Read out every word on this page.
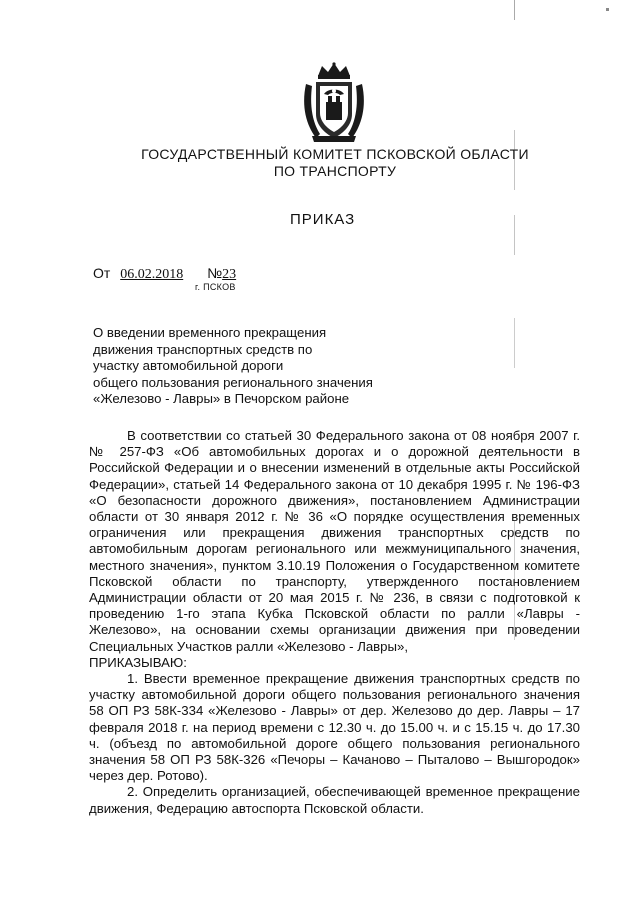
ГОСУДАРСТВЕННЫЙ КОМИТЕТ ПСКОВСКОЙ ОБЛАСТИ
ПО ТРАНСПОРТУ
ПРИКАЗ
От 06.02.2018 №23
г. ПСКОВ
О введении временного прекращения
движения транспортных средств по
участку автомобильной дороги
общего пользования регионального значения
«Железово - Лавры» в Печорском районе

В соответствии со статьей 30 Федерального закона от 08 ноября 2007 г. № 257-ФЗ «Об автомобильных дорогах и о дорожной деятельности в Российской Федерации и о внесении изменений в отдельные акты Российской Федерации», статьей 14 Федерального закона от 10 декабря 1995 г. № 196-ФЗ «О безопасности дорожного движения», постановлением Администрации области от 30 января 2012 г. № 36 «О порядке осуществления временных ограничения или прекращения движения транспортных средств по автомобильным дорогам регионального или межмуниципального значения, местного значения», пунктом 3.10.19 Положения о Государственном комитете Псковской области по транспорту, утвержденного постановлением Администрации области от 20 мая 2015 г. № 236, в связи с подготовкой к проведению 1-го этапа Кубка Псковской области по ралли «Лавры - Железово», на основании схемы организации движения при проведении Специальных Участков ралли «Железово - Лавры»,

ПРИКАЗЫВАЮ:

1. Ввести временное прекращение движения транспортных средств по участку автомобильной дороги общего пользования регионального значения 58 ОП РЗ 58К-334 «Железово - Лавры» от дер. Железово до дер. Лавры – 17 февраля 2018 г. на период времени с 12.30 ч. до 15.00 ч. и с 15.15 ч. до 17.30 ч. (объезд по автомобильной дороге общего пользования регионального значения 58 ОП РЗ 58К-326 «Печоры – Качаново – Пыталово – Вышгородок» через дер. Ротово).

2. Определить организацией, обеспечивающей временное прекращение движения, Федерацию автоспорта Псковской области.
